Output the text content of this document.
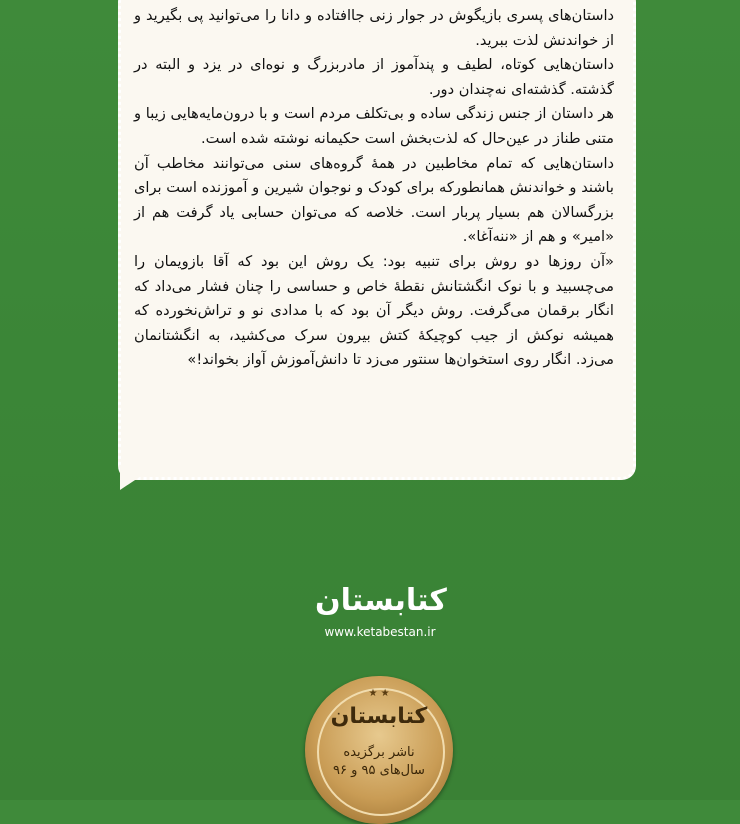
داستان‌های پسری بازیگوش در جوار زنی جاافتاده و دانا را می‌توانید پی بگیرید و از خواندنش لذت ببرید.

داستان‌هایی کوتاه، لطیف و پندآموز از مادربزرگ و نوه‌ای در یزد و البته در گذشته. گذشته‌ای نه‌چندان دور.

هر داستان از جنس زندگی ساده و بی‌تکلف مردم است و با درون‌مایه‌هایی زیبا و متنی طناز در عین‌حال که لذت‌بخش است حکیمانه نوشته شده است.

داستان‌هایی که تمام مخاطبین در همهٔ گروه‌های سنی می‌توانند مخاطب آن باشند و خواندنش همانطورکه برای کودک و نوجوان شیرین و آموزنده است برای بزرگسالان هم بسیار پربار است. خلاصه که می‌توان حسابی یاد گرفت هم از «امیر» و هم از «ننه‌آغا».

«آن روزها دو روش برای تنبیه بود: یک روش این بود که آقا بازویمان را می‌چسبید و با نوک انگشتانش نقطهٔ خاص و حساسی را چنان فشار می‌داد که انگار برقمان می‌گرفت. روش دیگر آن بود که با مدادی نو و تراش‌نخورده که همیشه نوکش از جیب کوچیکهٔ کتش بیرون سرک می‌کشید، به انگشتانمان می‌زد. انگار روی استخوان‌ها سنتور می‌زد تا دانش‌آموزش آواز بخواند!»

کتابستان
www.ketabestan.ir
★ ★
کتابستان
ناشر برگزیده
سال‌های ۹۵ و ۹۶
